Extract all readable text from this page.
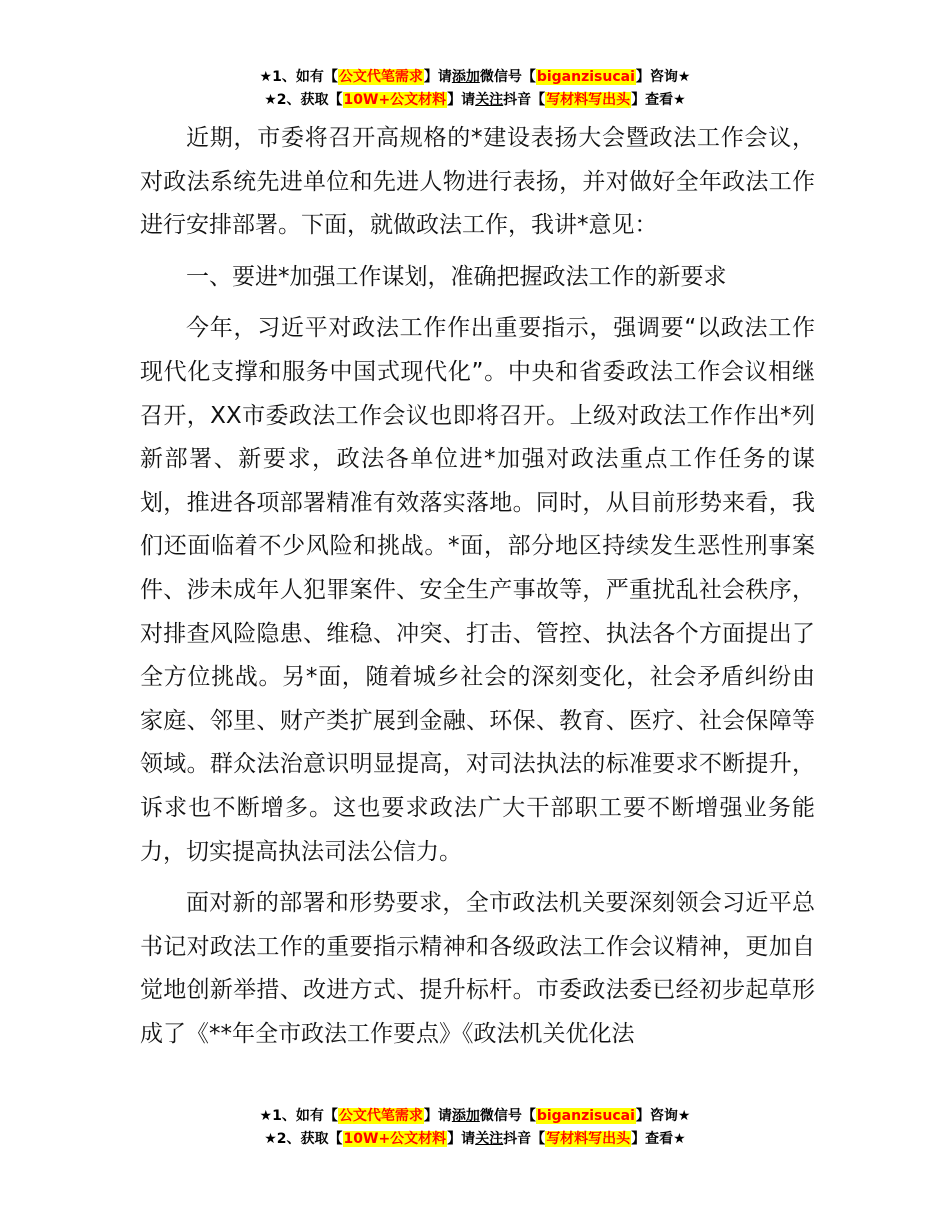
★1、如有【公文代笔需求】请添加微信号【biganzisucai】咨询★
★2、获取【10W+公文材料】请关注抖音【写材料写出头】查看★

近期，市委将召开高规格的*建设表扬大会暨政法工作会议，对政法系统先进单位和先进人物进行表扬，并对做好全年政法工作进行安排部署。下面，就做政法工作，我讲*意见：

一、要进*加强工作谋划，准确把握政法工作的新要求

今年，习近平对政法工作作出重要指示，强调要“以政法工作现代化支撑和服务中国式现代化”。中央和省委政法工作会议相继召开，XX市委政法工作会议也即将召开。上级对政法工作作出*列新部署、新要求，政法各单位进*加强对政法重点工作任务的谋划，推进各项部署精准有效落实落地。同时，从目前形势来看，我们还面临着不少风险和挑战。*面，部分地区持续发生恶性刑事案件、涉未成年人犯罪案件、安全生产事故等，严重扰乱社会秩序，对排查风险隐患、维稳、冲突、打击、管控、执法各个方面提出了全方位挑战。另*面，随着城乡社会的深刻变化，社会矛盾纠纷由家庭、邻里、财产类扩展到金融、环保、教育、医疗、社会保障等领域。群众法治意识明显提高，对司法执法的标准要求不断提升，诉求也不断增多。这也要求政法广大干部职工要不断增强业务能力，切实提高执法司法公信力。

面对新的部署和形势要求，全市政法机关要深刻领会习近平总书记对政法工作的重要指示精神和各级政法工作会议精神，更加自觉地创新举措、改进方式、提升标杆。市委政法委已经初步起草形成了《**年全市政法工作要点》《政法机关优化法

★1、如有【公文代笔需求】请添加微信号【biganzisucai】咨询★
★2、获取【10W+公文材料】请关注抖音【写材料写出头】查看★
